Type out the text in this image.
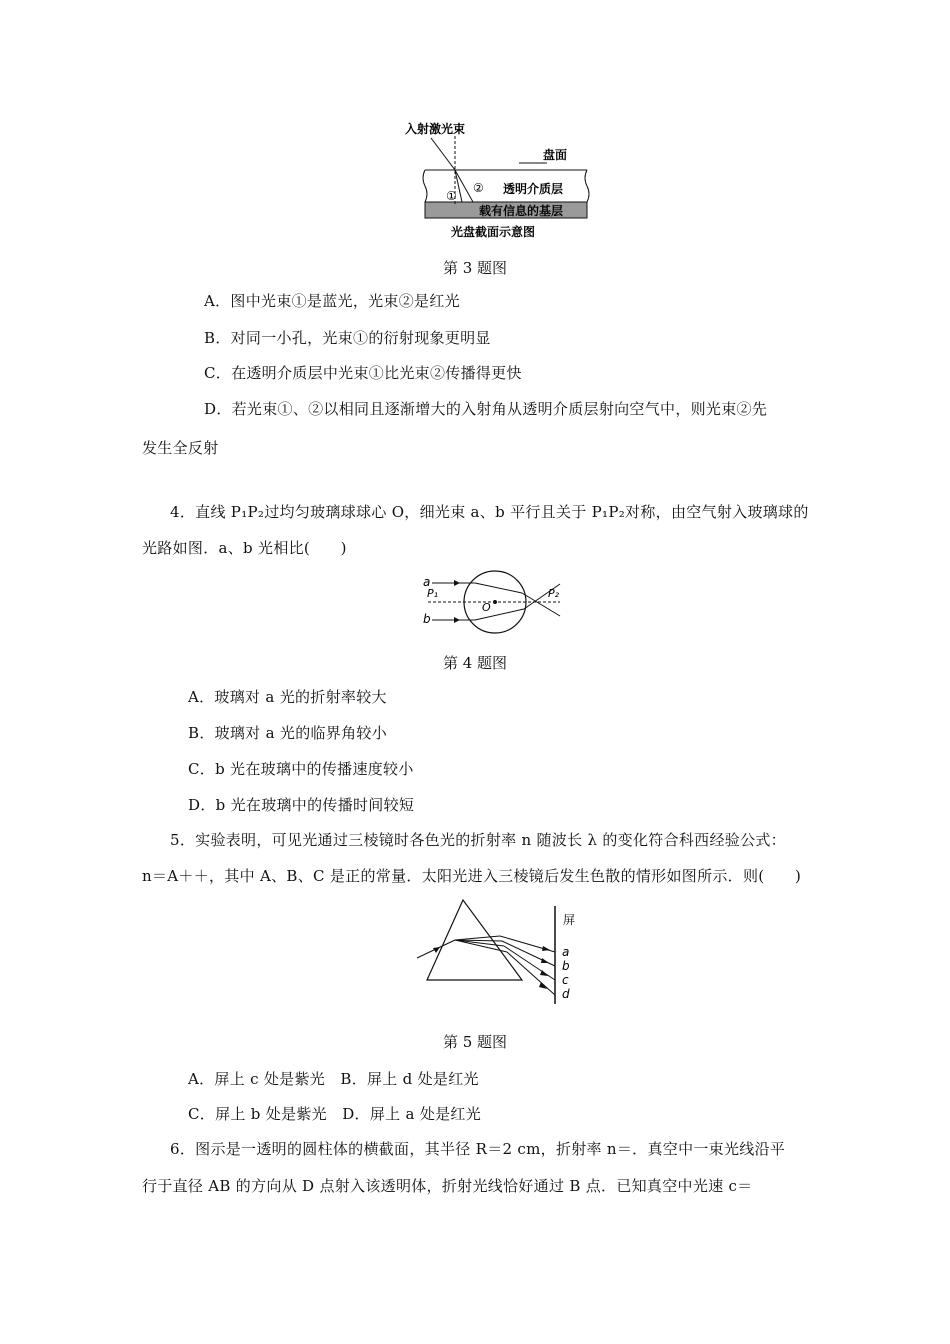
入射激光束
盘面
①
② 透明介质层
载有信息的基层
光盘截面示意图
第 3 题图
A．图中光束①是蓝光，光束②是红光
B．对同一小孔，光束①的衍射现象更明显
C．在透明介质层中光束①比光束②传播得更快
D．若光束①、②以相同且逐渐增大的入射角从透明介质层射向空气中，则光束②先
发生全反射
4．直线 P₁P₂过均匀玻璃球球心 O，细光束 a、b 平行且关于 P₁P₂对称，由空气射入玻璃球的
光路如图．a、b 光相比(　　)
a
b
P₁	P₂
O
第 4 题图
A．玻璃对 a 光的折射率较大
B．玻璃对 a 光的临界角较小
C．b 光在玻璃中的传播速度较小
D．b 光在玻璃中的传播时间较短
5．实验表明，可见光通过三棱镜时各色光的折射率 n 随波长 λ 的变化符合科西经验公式：
n＝A＋＋，其中 A、B、C 是正的常量．太阳光进入三棱镜后发生色散的情形如图所示．则(　　)
屏
a
b
c
d
第 5 题图
A．屏上 c 处是紫光　B．屏上 d 处是红光
C．屏上 b 处是紫光　D．屏上 a 处是红光
6．图示是一透明的圆柱体的横截面，其半径 R＝2 cm，折射率 n＝．真空中一束光线沿平
行于直径 AB 的方向从 D 点射入该透明体，折射光线恰好通过 B 点．已知真空中光速 c＝
